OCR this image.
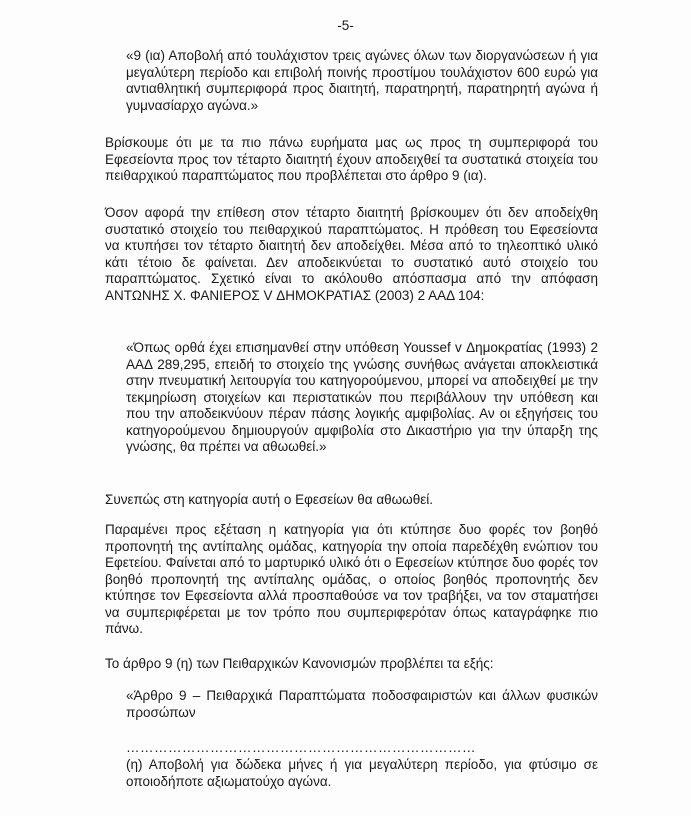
-5-

«9 (ια) Αποβολή από τουλάχιστον τρεις αγώνες όλων των διοργανώσεων ή για μεγαλύτερη περίοδο και επιβολή ποινής προστίμου τουλάχιστον 600 ευρώ για αντιαθλητική συμπεριφορά προς διαιτητή, παρατηρητή, παρατηρητή αγώνα ή γυμνασίαρχο αγώνα.»

Βρίσκουμε ότι με τα πιο πάνω ευρήματα μας ως προς τη συμπεριφορά του Εφεσείοντα προς τον τέταρτο διαιτητή έχουν αποδειχθεί τα συστατικά στοιχεία του πειθαρχικού παραπτώματος που προβλέπεται στο άρθρο 9 (ια).

Όσον αφορά την επίθεση στον τέταρτο διαιτητή βρίσκουμεν ότι δεν αποδείχθη συστατικό στοιχείο του πειθαρχικού παραπτώματος. Η πρόθεση του Εφεσείοντα να κτυπήσει τον τέταρτο διαιτητή δεν αποδείχθει. Μέσα από το τηλεοπτικό υλικό κάτι τέτοιο δε φαίνεται. Δεν αποδεικνύεται το συστατικό αυτό στοιχείο του παραπτώματος. Σχετικό είναι το ακόλουθο απόσπασμα από την απόφαση ΑΝΤΩΝΗΣ Χ. ΦΑΝΙΕΡΟΣ V ΔΗΜΟΚΡΑΤΙΑΣ (2003) 2 ΑΑΔ 104:

«Όπως ορθά έχει επισημανθεί στην υπόθεση Youssef v Δημοκρατίας (1993) 2 ΑΑΔ 289,295, επειδή το στοιχείο της γνώσης συνήθως ανάγεται αποκλειστικά στην πνευματική λειτουργία του κατηγορούμενου, μπορεί να αποδειχθεί με την τεκμηρίωση στοιχείων και περιστατικών που περιβάλλουν την υπόθεση και που την αποδεικνύουν πέραν πάσης λογικής αμφιβολίας. Αν οι εξηγήσεις του κατηγορούμενου δημιουργούν αμφιβολία στο Δικαστήριο για την ύπαρξη της γνώσης, θα πρέπει να αθωωθεί.»

Συνεπώς στη κατηγορία αυτή ο Εφεσείων θα αθωωθεί.

Παραμένει προς εξέταση η κατηγορία για ότι κτύπησε δυο φορές τον βοηθό προπονητή της αντίπαλης ομάδας, κατηγορία την οποία παρεδέχθη ενώπιον του Εφετείου. Φαίνεται από το μαρτυρικό υλικό ότι ο Εφεσείων κτύπησε δυο φορές τον βοηθό προπονητή της αντίπαλης ομάδας, ο οποίος βοηθός προπονητής δεν κτύπησε τον Εφεσείοντα αλλά προσπαθούσε να τον τραβήξει, να τον σταματήσει να συμπεριφέρεται με τον τρόπο που συμπεριφερόταν όπως καταγράφηκε πιο πάνω.

Το άρθρο 9 (η) των Πειθαρχικών Κανονισμών προβλέπει τα εξής:

«Άρθρο 9 – Πειθαρχικά Παραπτώματα ποδοσφαιριστών και άλλων φυσικών προσώπων

…………………………………………………………………

(η) Αποβολή για δώδεκα μήνες ή για μεγαλύτερη περίοδο, για φτύσιμο σε οποιοδήποτε αξιωματούχο αγώνα.
